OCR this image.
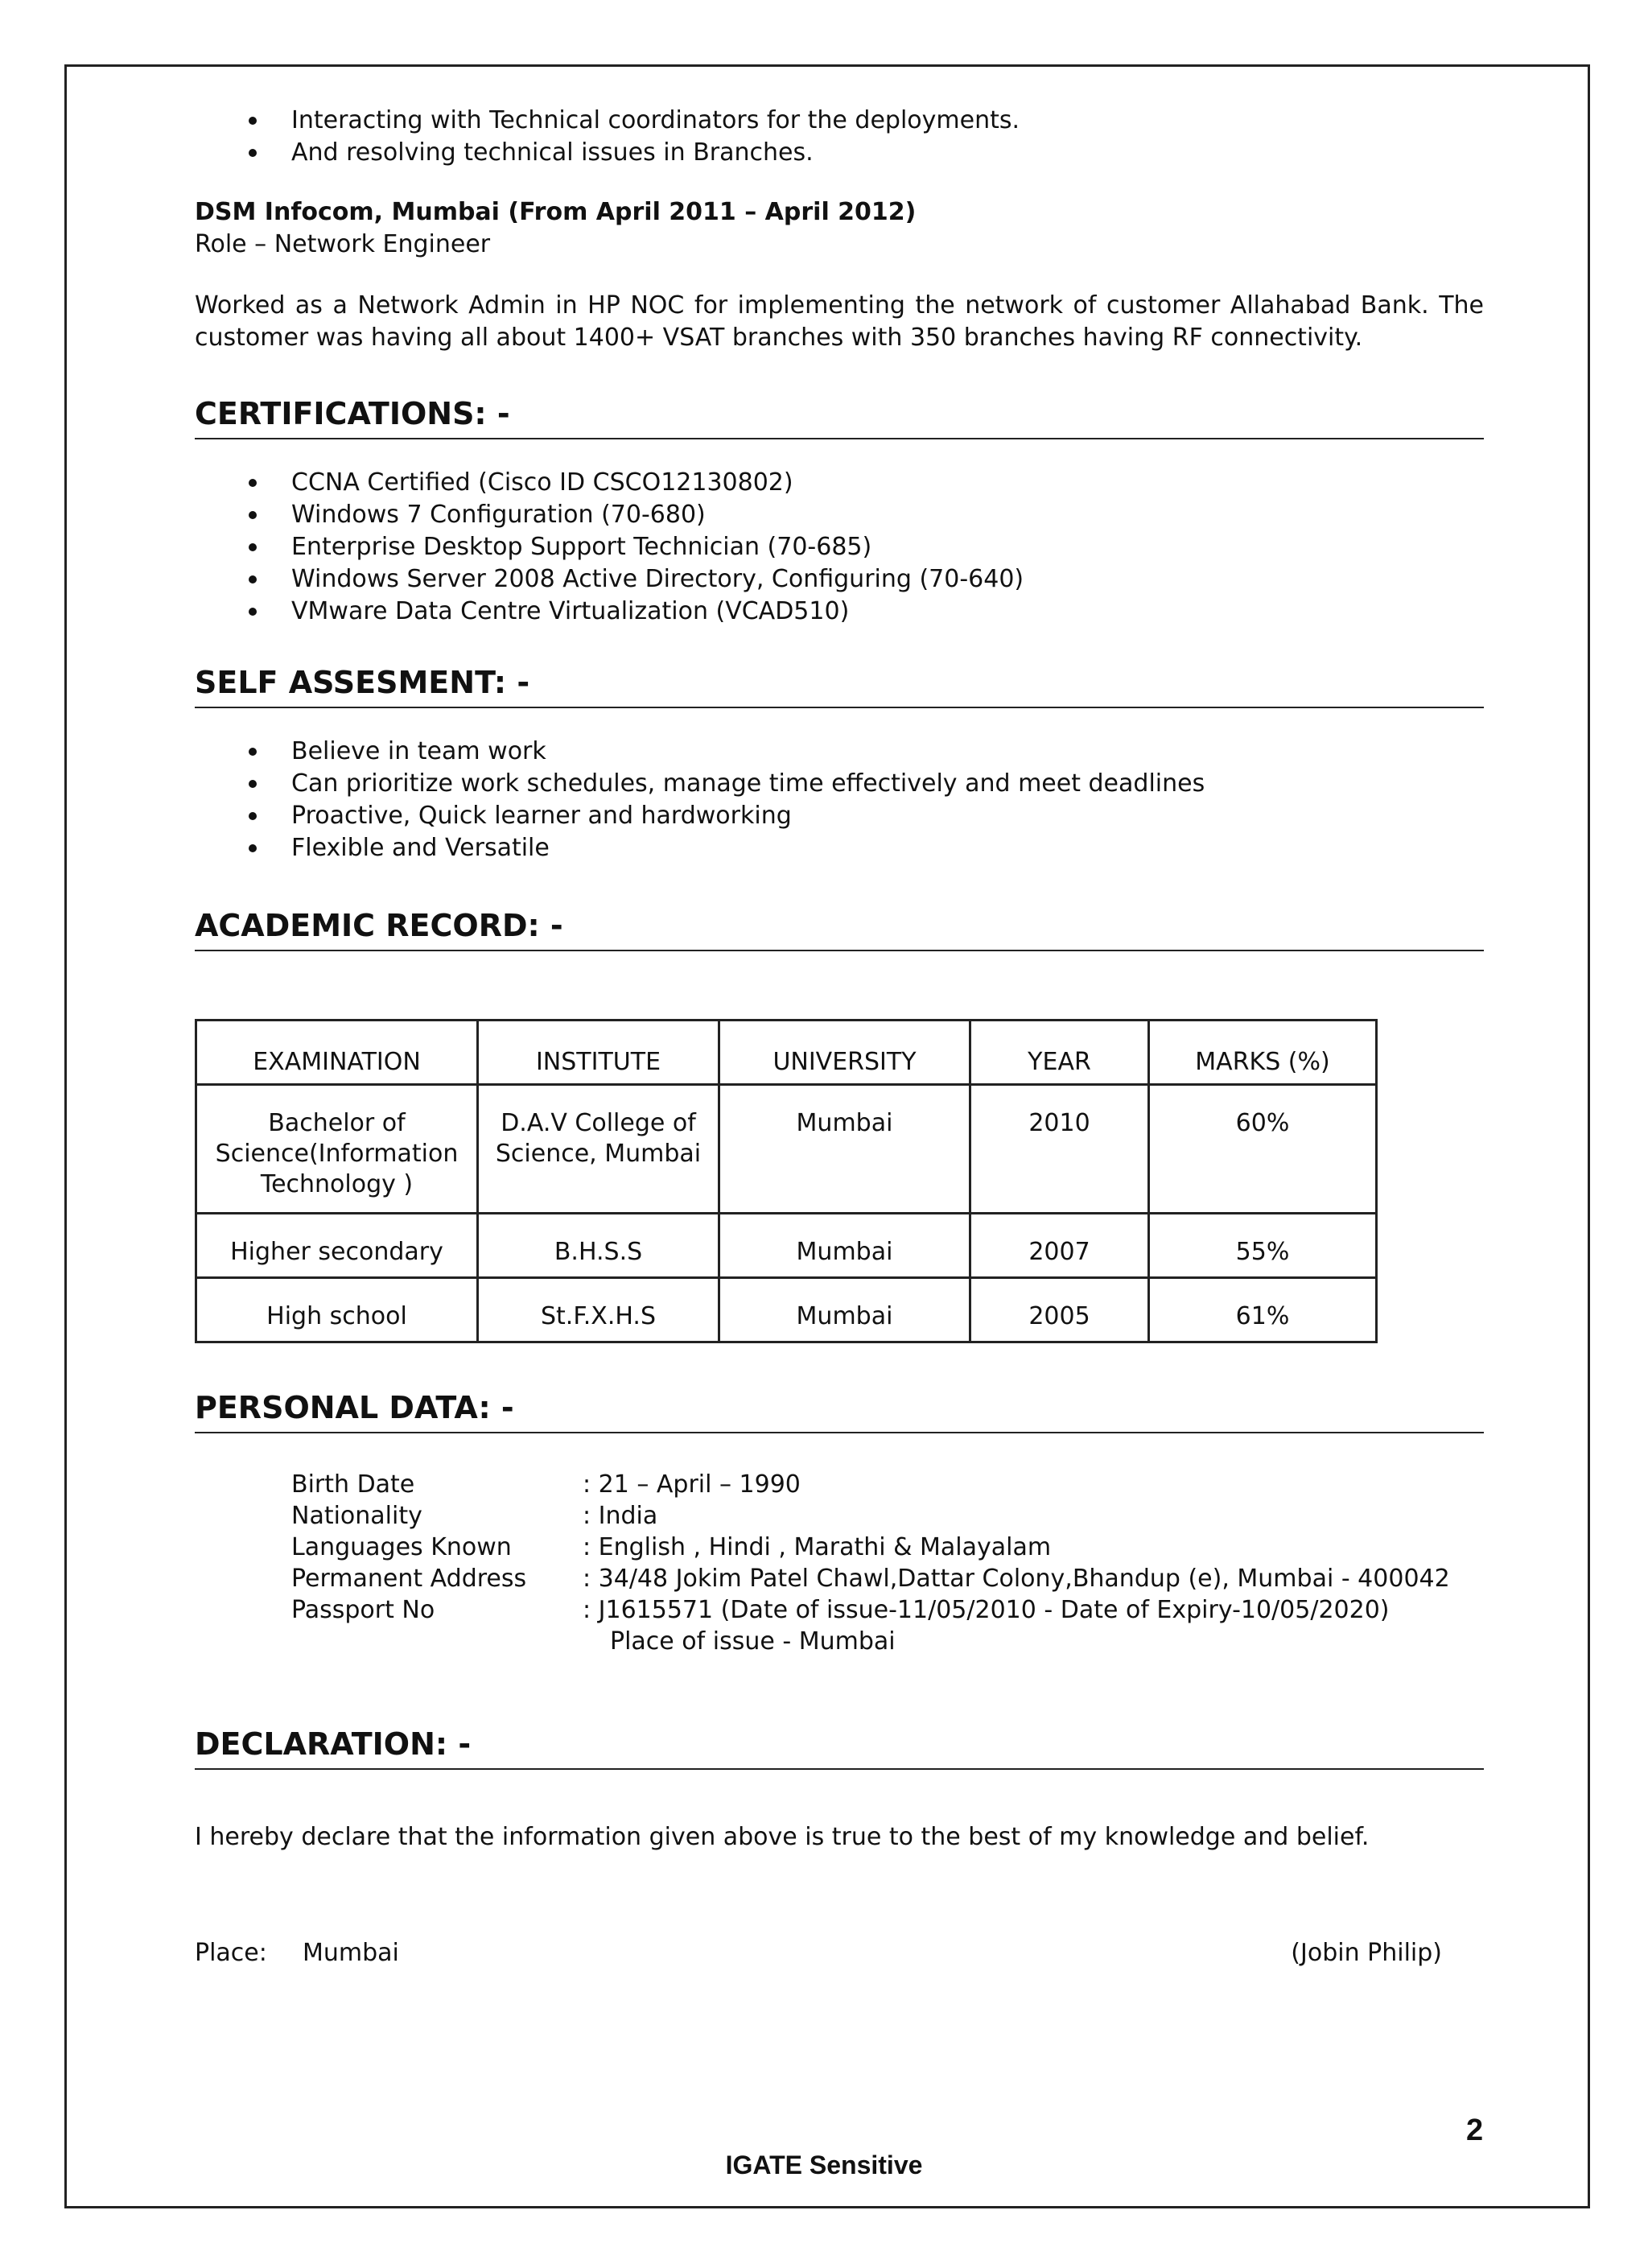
Interacting with Technical coordinators for the deployments.
And resolving technical issues in Branches.
DSM Infocom, Mumbai (From April 2011 – April 2012)
Role – Network Engineer

Worked as a Network Admin in HP NOC for implementing the network of customer Allahabad Bank. The customer was having all about 1400+ VSAT branches with 350 branches having RF connectivity.

CERTIFICATIONS: -
CCNA Certified (Cisco ID CSCO12130802)
Windows 7 Configuration (70-680)
Enterprise Desktop Support Technician (70-685)
Windows Server 2008 Active Directory, Configuring (70-640)
VMware Data Centre Virtualization (VCAD510)
SELF ASSESMENT: -
Believe in team work
Can prioritize work schedules, manage time effectively and meet deadlines
Proactive, Quick learner and hardworking
Flexible and Versatile
ACADEMIC RECORD: -
EXAMINATION	INSTITUTE	UNIVERSITY	YEAR	MARKS (%)
Bachelor of Science(Information Technology )	D.A.V College of Science, Mumbai	Mumbai	2010	60%
Higher secondary	B.H.S.S	Mumbai	2007	55%
High school	St.F.X.H.S	Mumbai	2005	61%
PERSONAL DATA: -
Birth Date	: 21 – April – 1990
Nationality	: India
Languages Known	: English , Hindi , Marathi & Malayalam
Permanent Address	: 34/48 Jokim Patel Chawl,Dattar Colony,Bhandup (e), Mumbai - 400042
Passport No	: J1615571 (Date of issue-11/05/2010 - Date of Expiry-10/05/2020)
Place of issue - Mumbai
DECLARATION: -

I hereby declare that the information given above is true to the best of my knowledge and belief.

Place: Mumbai	(Jobin Philip)
2
IGATE Sensitive
